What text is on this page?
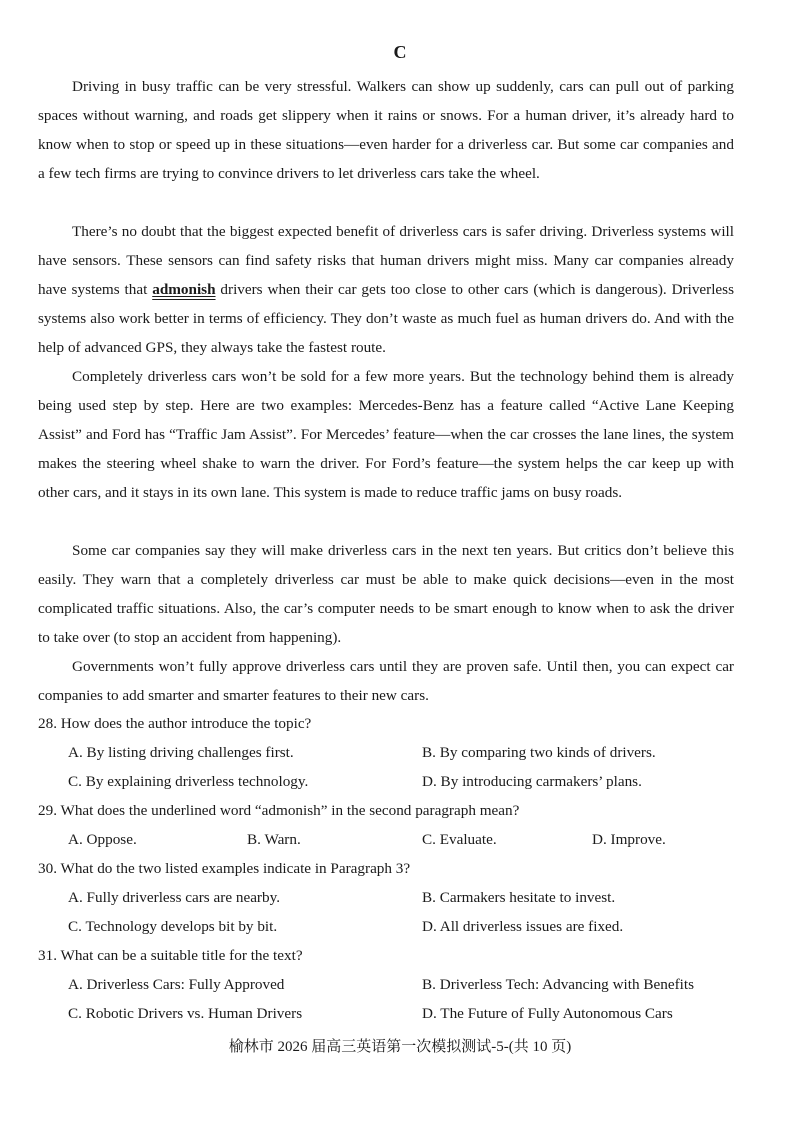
C
Driving in busy traffic can be very stressful. Walkers can show up suddenly, cars can pull out of parking spaces without warning, and roads get slippery when it rains or snows. For a human driver, it’s already hard to know when to stop or speed up in these situations—even harder for a driverless car. But some car companies and a few tech firms are trying to convince drivers to let driverless cars take the wheel.
There’s no doubt that the biggest expected benefit of driverless cars is safer driving. Driverless systems will have sensors. These sensors can find safety risks that human drivers might miss. Many car companies already have systems that admonish drivers when their car gets too close to other cars (which is dangerous). Driverless systems also work better in terms of efficiency. They don’t waste as much fuel as human drivers do. And with the help of advanced GPS, they always take the fastest route.
Completely driverless cars won’t be sold for a few more years. But the technology behind them is already being used step by step. Here are two examples: Mercedes-Benz has a feature called “Active Lane Keeping Assist” and Ford has “Traffic Jam Assist”. For Mercedes’ feature—when the car crosses the lane lines, the system makes the steering wheel shake to warn the driver. For Ford’s feature—the system helps the car keep up with other cars, and it stays in its own lane. This system is made to reduce traffic jams on busy roads.
Some car companies say they will make driverless cars in the next ten years. But critics don’t believe this easily. They warn that a completely driverless car must be able to make quick decisions—even in the most complicated traffic situations. Also, the car’s computer needs to be smart enough to know when to ask the driver to take over (to stop an accident from happening).
Governments won’t fully approve driverless cars until they are proven safe. Until then, you can expect car companies to add smarter and smarter features to their new cars.
28. How does the author introduce the topic?
A. By listing driving challenges first.	B. By comparing two kinds of drivers.
C. By explaining driverless technology.	D. By introducing carmakers’ plans.
29. What does the underlined word “admonish” in the second paragraph mean?
A. Oppose.	B. Warn.	C. Evaluate.	D. Improve.
30. What do the two listed examples indicate in Paragraph 3?
A. Fully driverless cars are nearby.	B. Carmakers hesitate to invest.
C. Technology develops bit by bit.	D. All driverless issues are fixed.
31. What can be a suitable title for the text?
A. Driverless Cars: Fully Approved	B. Driverless Tech: Advancing with Benefits
C. Robotic Drivers vs. Human Drivers	D. The Future of Fully Autonomous Cars
榆林市 2026 届高三英语第一次模拟测试-5-(共 10 页)
